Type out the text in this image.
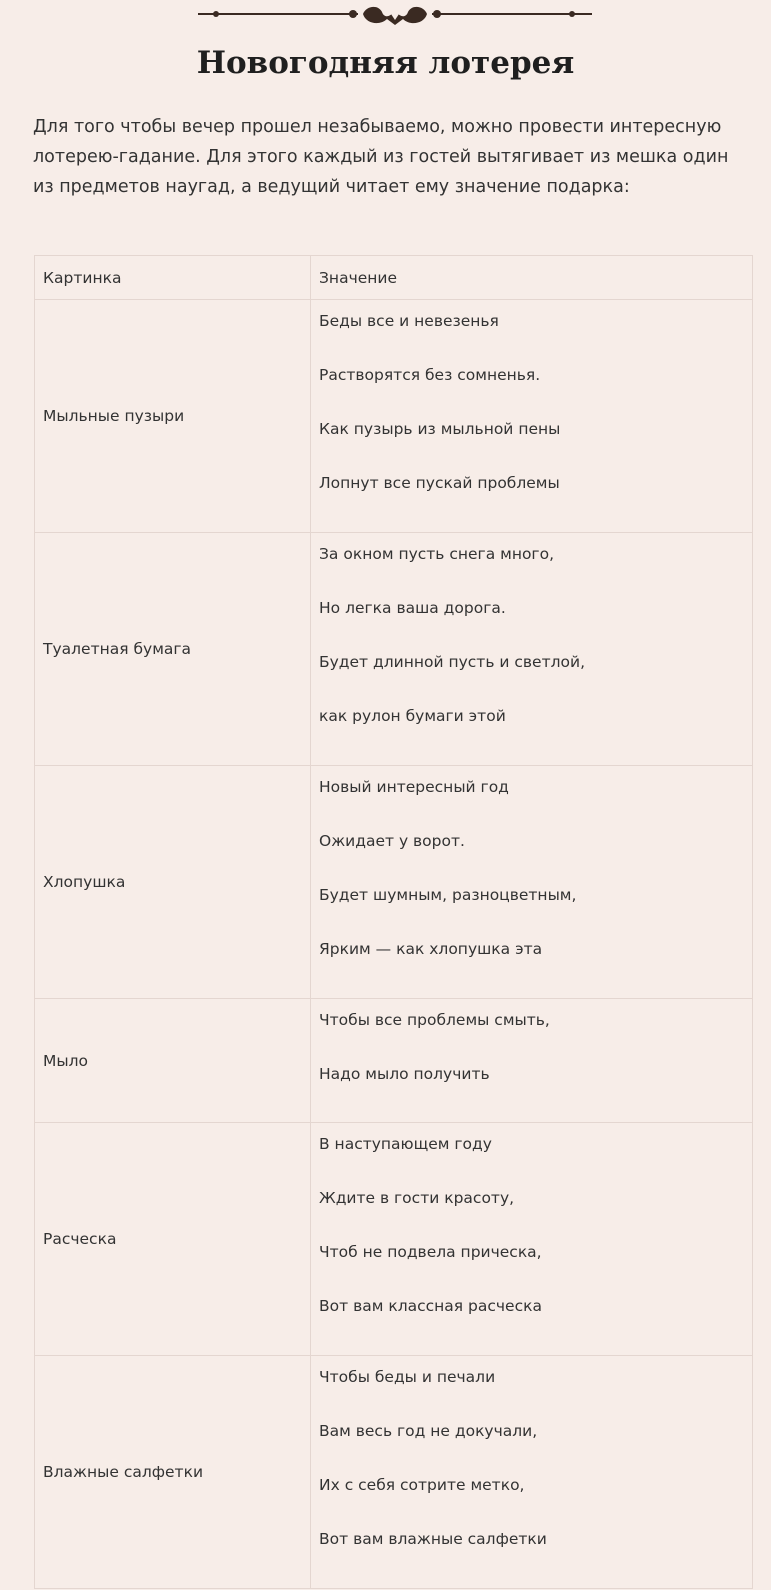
Новогодняя лотерея

Для того чтобы вечер прошел незабываемо, можно провести интересную лотерею-гадание. Для этого каждый из гостей вытягивает из мешка один из предметов наугад, а ведущий читает ему значение подарка:

Картинка	Значение
Мыльные пузыри	Беды все и невезенья
Растворятся без сомненья.
Как пузырь из мыльной пены
Лопнут все пускай проблемы

Туалетная бумага	За окном пусть снега много,
Но легка ваша дорога.
Будет длинной пусть и светлой,
как рулон бумаги этой

Хлопушка	Новый интересный год
Ожидает у ворот.
Будет шумным, разноцветным,
Ярким — как хлопушка эта

Мыло	Чтобы все проблемы смыть,
Надо мыло получить

Расческа	В наступающем году
Ждите в гости красоту,
Чтоб не подвела прическа,
Вот вам классная расческа

Влажные салфетки	Чтобы беды и печали
Вам весь год не докучали,
Их с себя сотрите метко,
Вот вам влажные салфетки
